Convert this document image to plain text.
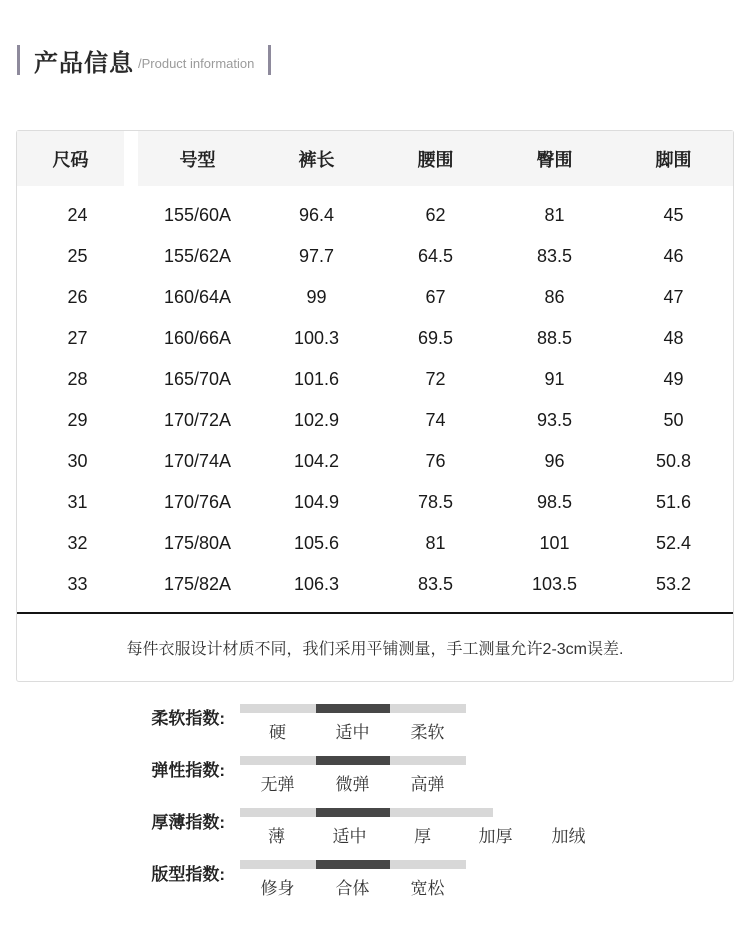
产品信息 /Product information
尺码	号型	裤长	腰围	臀围	脚围
24	155/60A	96.4	62	81	45
25	155/62A	97.7	64.5	83.5	46
26	160/64A	99	67	86	47
27	160/66A	100.3	69.5	88.5	48
28	165/70A	101.6	72	91	49
29	170/72A	102.9	74	93.5	50
30	170/74A	104.2	76	96	50.8
31	170/76A	104.9	78.5	98.5	51.6
32	175/80A	105.6	81	101	52.4
33	175/82A	106.3	83.5	103.5	53.2
每件衣服设计材质不同，我们采用平铺测量，手工测量允许2-3cm误差.
柔软指数:
硬	适中	柔软
弹性指数:
无弹	微弹	高弹
厚薄指数:
薄	适中	厚	加厚	加绒
版型指数:
修身	合体	宽松
